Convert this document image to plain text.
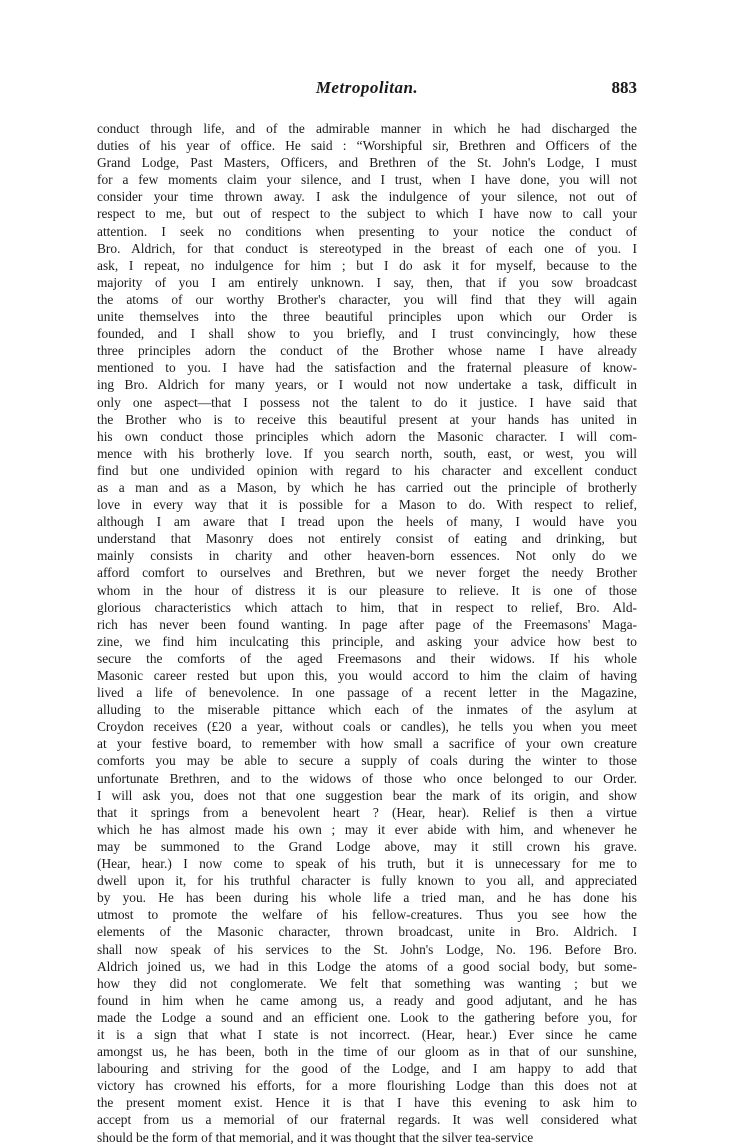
Metropolitan.	883
conduct through life, and of the admirable manner in which he had discharged the
duties of his year of office. He said : “Worshipful sir, Brethren and Officers of the
Grand Lodge, Past Masters, Officers, and Brethren of the St. John's Lodge, I must
for a few moments claim your silence, and I trust, when I have done, you will not
consider your time thrown away. I ask the indulgence of your silence, not out of
respect to me, but out of respect to the subject to which I have now to call your
attention. I seek no conditions when presenting to your notice the conduct of
Bro. Aldrich, for that conduct is stereotyped in the breast of each one of you. I
ask, I repeat, no indulgence for him ; but I do ask it for myself, because to the
majority of you I am entirely unknown. I say, then, that if you sow broadcast
the atoms of our worthy Brother's character, you will find that they will again
unite themselves into the three beautiful principles upon which our Order is
founded, and I shall show to you briefly, and I trust convincingly, how these
three principles adorn the conduct of the Brother whose name I have already
mentioned to you. I have had the satisfaction and the fraternal pleasure of know-
ing Bro. Aldrich for many years, or I would not now undertake a task, difficult in
only one aspect—that I possess not the talent to do it justice. I have said that
the Brother who is to receive this beautiful present at your hands has united in
his own conduct those principles which adorn the Masonic character. I will com-
mence with his brotherly love. If you search north, south, east, or west, you will
find but one undivided opinion with regard to his character and excellent conduct
as a man and as a Mason, by which he has carried out the principle of brotherly
love in every way that it is possible for a Mason to do. With respect to relief,
although I am aware that I tread upon the heels of many, I would have you
understand that Masonry does not entirely consist of eating and drinking, but
mainly consists in charity and other heaven-born essences. Not only do we
afford comfort to ourselves and Brethren, but we never forget the needy Brother
whom in the hour of distress it is our pleasure to relieve. It is one of those
glorious characteristics which attach to him, that in respect to relief, Bro. Ald-
rich has never been found wanting. In page after page of the Freemasons' Maga-
zine, we find him inculcating this principle, and asking your advice how best to
secure the comforts of the aged Freemasons and their widows. If his whole
Masonic career rested but upon this, you would accord to him the claim of having
lived a life of benevolence. In one passage of a recent letter in the Magazine,
alluding to the miserable pittance which each of the inmates of the asylum at
Croydon receives (£20 a year, without coals or candles), he tells you when you meet
at your festive board, to remember with how small a sacrifice of your own creature
comforts you may be able to secure a supply of coals during the winter to those
unfortunate Brethren, and to the widows of those who once belonged to our Order.
I will ask you, does not that one suggestion bear the mark of its origin, and show
that it springs from a benevolent heart ? (Hear, hear). Relief is then a virtue
which he has almost made his own ; may it ever abide with him, and whenever he
may be summoned to the Grand Lodge above, may it still crown his grave.
(Hear, hear.) I now come to speak of his truth, but it is unnecessary for me to
dwell upon it, for his truthful character is fully known to you all, and appreciated
by you. He has been during his whole life a tried man, and he has done his
utmost to promote the welfare of his fellow-creatures. Thus you see how the
elements of the Masonic character, thrown broadcast, unite in Bro. Aldrich. I
shall now speak of his services to the St. John's Lodge, No. 196. Before Bro.
Aldrich joined us, we had in this Lodge the atoms of a good social body, but some-
how they did not conglomerate. We felt that something was wanting ; but we
found in him when he came among us, a ready and good adjutant, and he has
made the Lodge a sound and an efficient one. Look to the gathering before you, for
it is a sign that what I state is not incorrect. (Hear, hear.) Ever since he came
amongst us, he has been, both in the time of our gloom as in that of our sunshine,
labouring and striving for the good of the Lodge, and I am happy to add that
victory has crowned his efforts, for a more flourishing Lodge than this does not at
the present moment exist. Hence it is that I have this evening to ask him to
accept from us a memorial of our fraternal regards. It was well considered what
should be the form of that memorial, and it was thought that the silver tea-service
